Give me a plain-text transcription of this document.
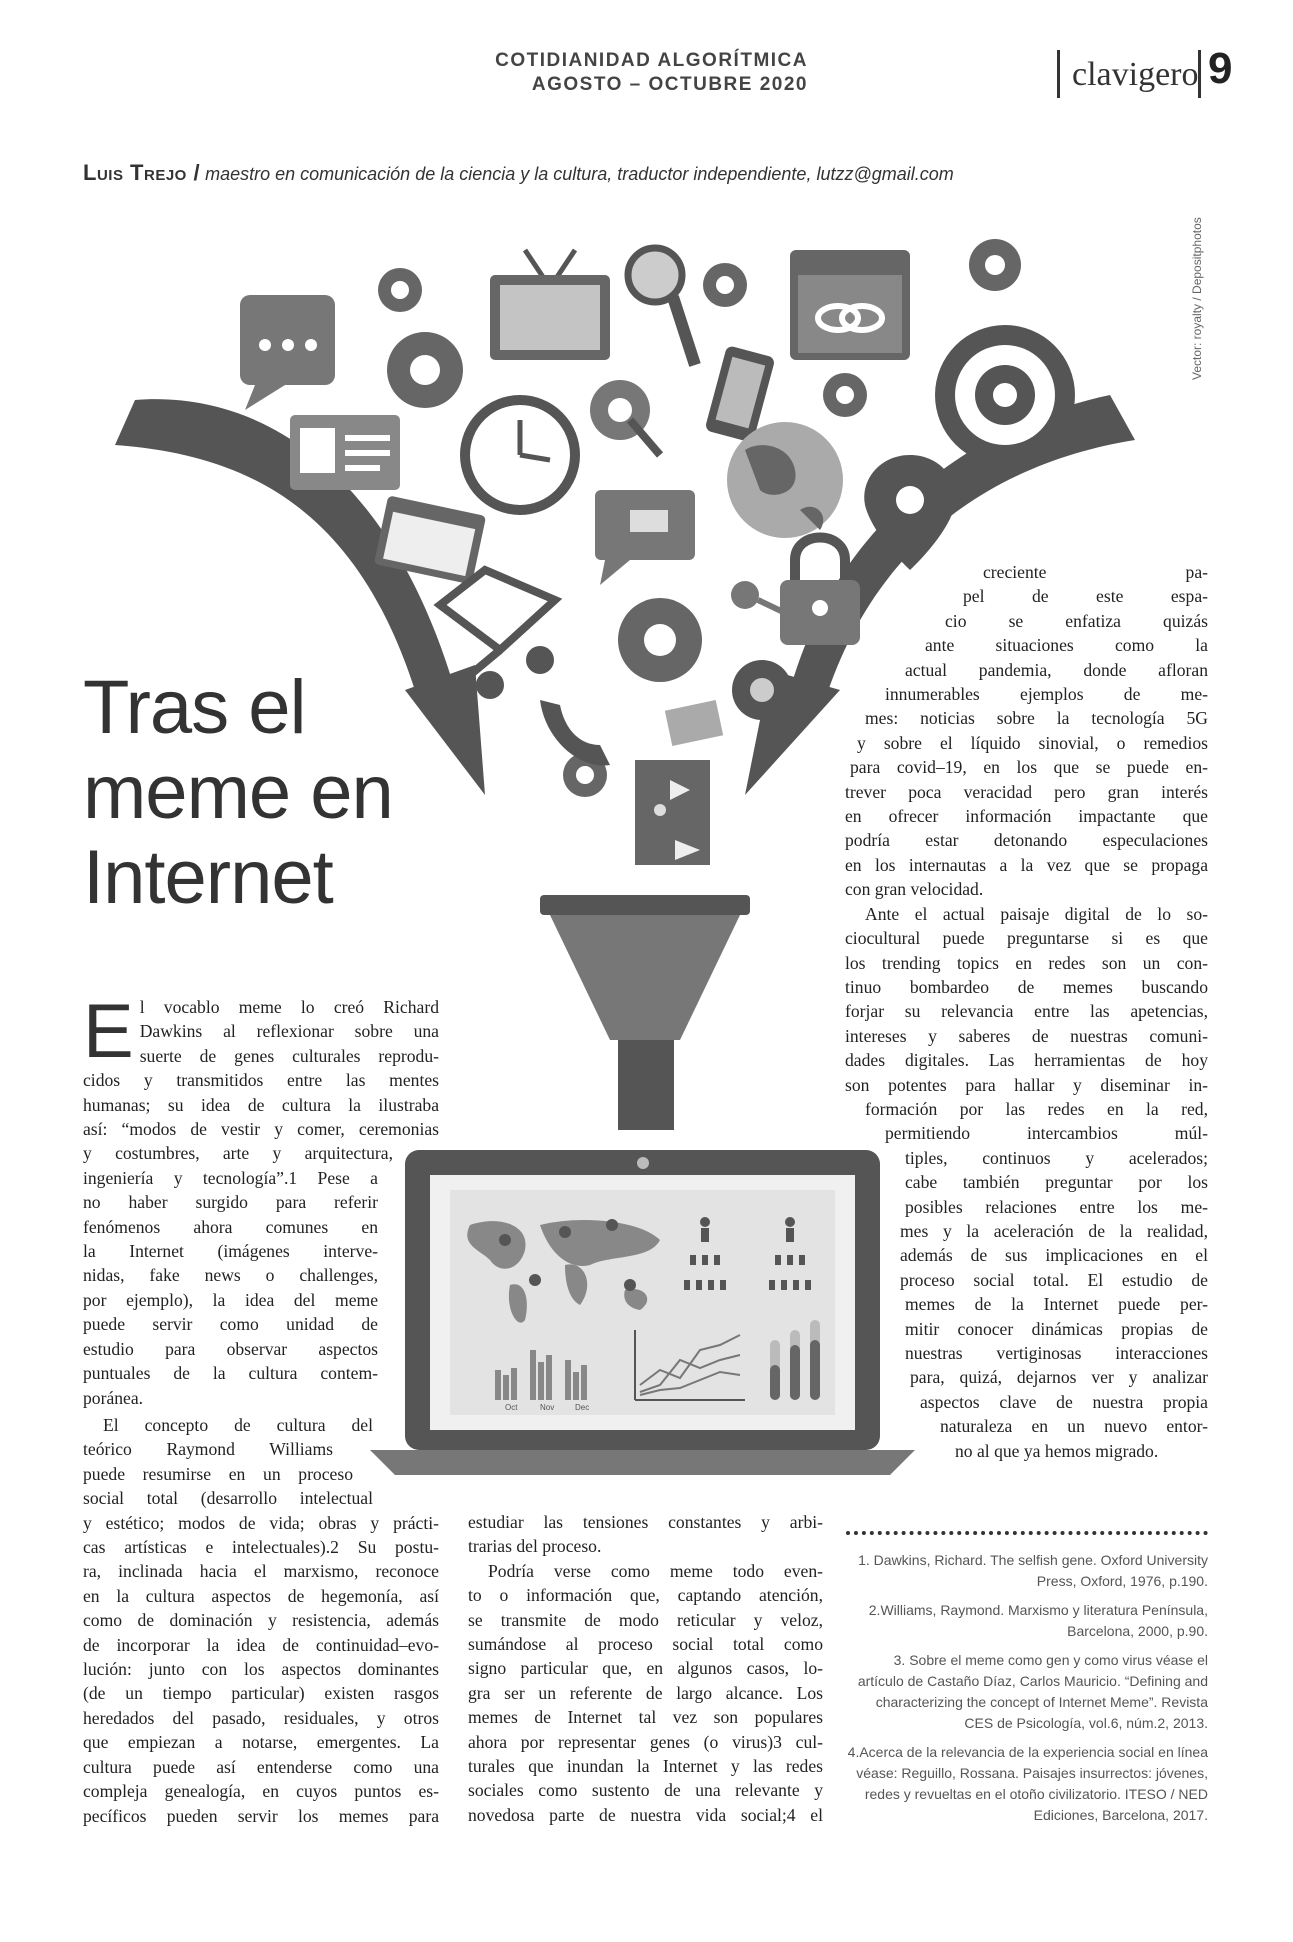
COTIDIANIDAD ALGORÍTMICA
AGOSTO – OCTUBRE 2020	clavigero 9
Luis Trejo / maestro en comunicación de la ciencia y la cultura, traductor independiente, lutzz@gmail.com
Vector: royalty / Depositphotos
Oct	Nov	Dec
Tras el
meme en
Internet
E l vocablo meme lo creó Richard
Dawkins al reflexionar sobre una
suerte de genes culturales reprodu-
cidos y transmitidos entre las mentes
humanas; su idea de cultura la ilustraba
así: “modos de vestir y comer, ceremonias
y costumbres, arte y arquitectura,
ingeniería y tecnología”.1 Pese a
no haber surgido para referir
fenómenos ahora comunes en
la Internet (imágenes interve-
nidas, fake news o challenges,
por ejemplo), la idea del meme
puede servir como unidad de
estudio para observar aspectos
puntuales de la cultura contem-
poránea.
El concepto de cultura del
teórico Raymond Williams
puede resumirse en un proceso
social total (desarrollo intelectual
y estético; modos de vida; obras y prácti-
cas artísticas e intelectuales).2 Su postu-
ra, inclinada hacia el marxismo, reconoce
en la cultura aspectos de hegemonía, así
como de dominación y resistencia, además
de incorporar la idea de continuidad–evo-
lución: junto con los aspectos dominantes
(de un tiempo particular) existen rasgos
heredados del pasado, residuales, y otros
que empiezan a notarse, emergentes. La
cultura puede así entenderse como una
compleja genealogía, en cuyos puntos es-
pecíficos pueden servir los memes para
estudiar las tensiones constantes y arbi-
trarias del proceso.
Podría verse como meme todo even-
to o información que, captando atención,
se transmite de modo reticular y veloz,
sumándose al proceso social total como
signo particular que, en algunos casos, lo-
gra ser un referente de largo alcance. Los
memes de Internet tal vez son populares
ahora por representar genes (o virus)3 cul-
turales que inundan la Internet y las redes
sociales como sustento de una relevante y
novedosa parte de nuestra vida social;4 el
creciente pa-
pel de este espa-
cio se enfatiza quizás
ante situaciones como la
actual pandemia, donde afloran
innumerables ejemplos de me-
mes: noticias sobre la tecnología 5G
y sobre el líquido sinovial, o remedios
para covid–19, en los que se puede en-
trever poca veracidad pero gran interés
en ofrecer información impactante que
podría estar detonando especulaciones
en los internautas a la vez que se propaga
con gran velocidad.
Ante el actual paisaje digital de lo so-
ciocultural puede preguntarse si es que
los trending topics en redes son un con-
tinuo bombardeo de memes buscando
forjar su relevancia entre las apetencias,
intereses y saberes de nuestras comuni-
dades digitales. Las herramientas de hoy
son potentes para hallar y diseminar in-
formación por las redes en la red,
permitiendo intercambios múl-
tiples, continuos y acelerados;
cabe también preguntar por los
posibles relaciones entre los me-
mes y la aceleración de la realidad,
además de sus implicaciones en el
proceso social total. El estudio de
memes de la Internet puede per-
mitir conocer dinámicas propias de
nuestras vertiginosas interacciones
para, quizá, dejarnos ver y analizar
aspectos clave de nuestra propia
naturaleza en un nuevo entor-
no al que ya hemos migrado.

1. Dawkins, Richard. The selfish gene. Oxford University Press, Oxford, 1976, p.190.

2.Williams, Raymond. Marxismo y literatura Península, Barcelona, 2000, p.90.

3. Sobre el meme como gen y como virus véase el artículo de Castaño Díaz, Carlos Mauricio. “Defining and characterizing the concept of Internet Meme”. Revista CES de Psicología, vol.6, núm.2, 2013.

4.Acerca de la relevancia de la experiencia social en línea véase: Reguillo, Rossana. Paisajes insurrectos: jóvenes, redes y revueltas en el otoño civilizatorio. ITESO / NED Ediciones, Barcelona, 2017.
